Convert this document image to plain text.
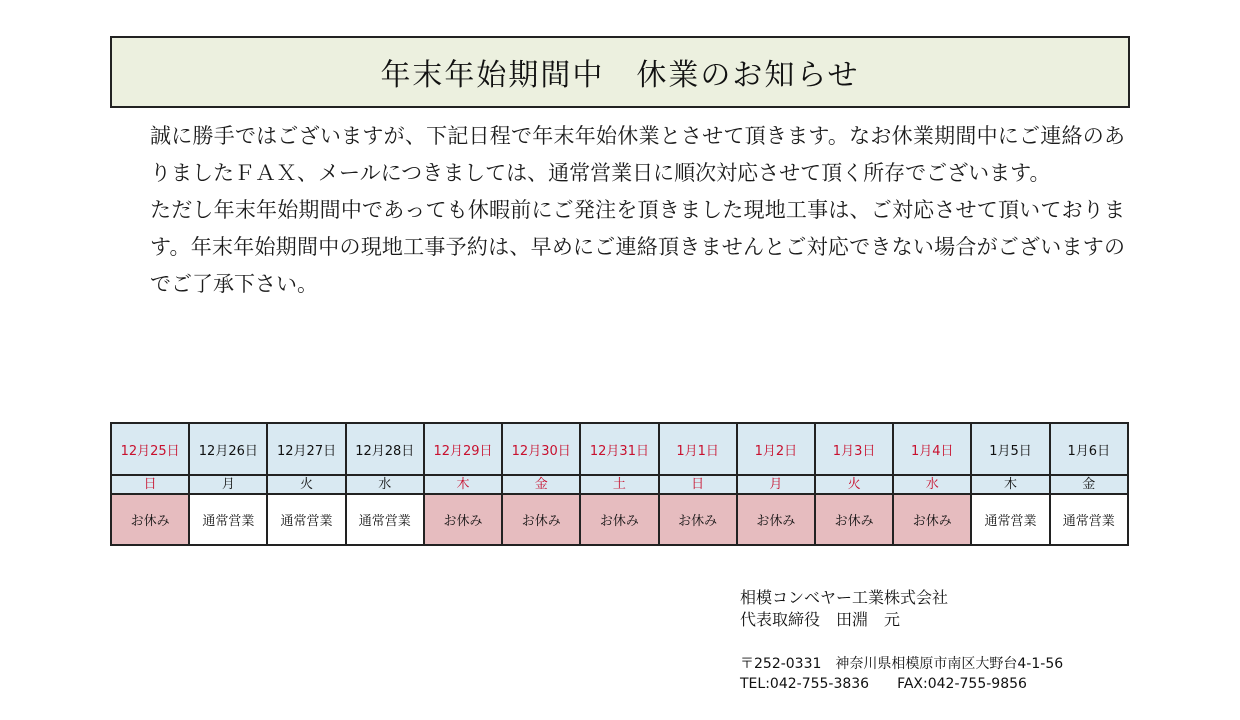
年末年始期間中　休業のお知らせ

誠に勝手ではございますが、下記日程で年末年始休業とさせて頂きます。なお休業期間中にご連絡のありましたＦＡＸ、メールにつきましては、通常営業日に順次対応させて頂く所存でございます。

ただし年末年始期間中であっても休暇前にご発注を頂きました現地工事は、ご対応させて頂いております。年末年始期間中の現地工事予約は、早めにご連絡頂きませんとご対応できない場合がございますのでご了承下さい。

12月25日	12月26日	12月27日	12月28日	12月29日	12月30日	12月31日	1月1日	1月2日	1月3日	1月4日	1月5日	1月6日
日	月	火	水	木	金	土	日	月	火	水	木	金
お休み	通常営業	通常営業	通常営業	お休み	お休み	お休み	お休み	お休み	お休み	お休み	通常営業	通常営業
相模コンベヤー工業株式会社
代表取締役　田淵　元
〒252-0331　神奈川県相模原市南区大野台4-1-56
TEL:042-755-3836　　FAX:042-755-9856
